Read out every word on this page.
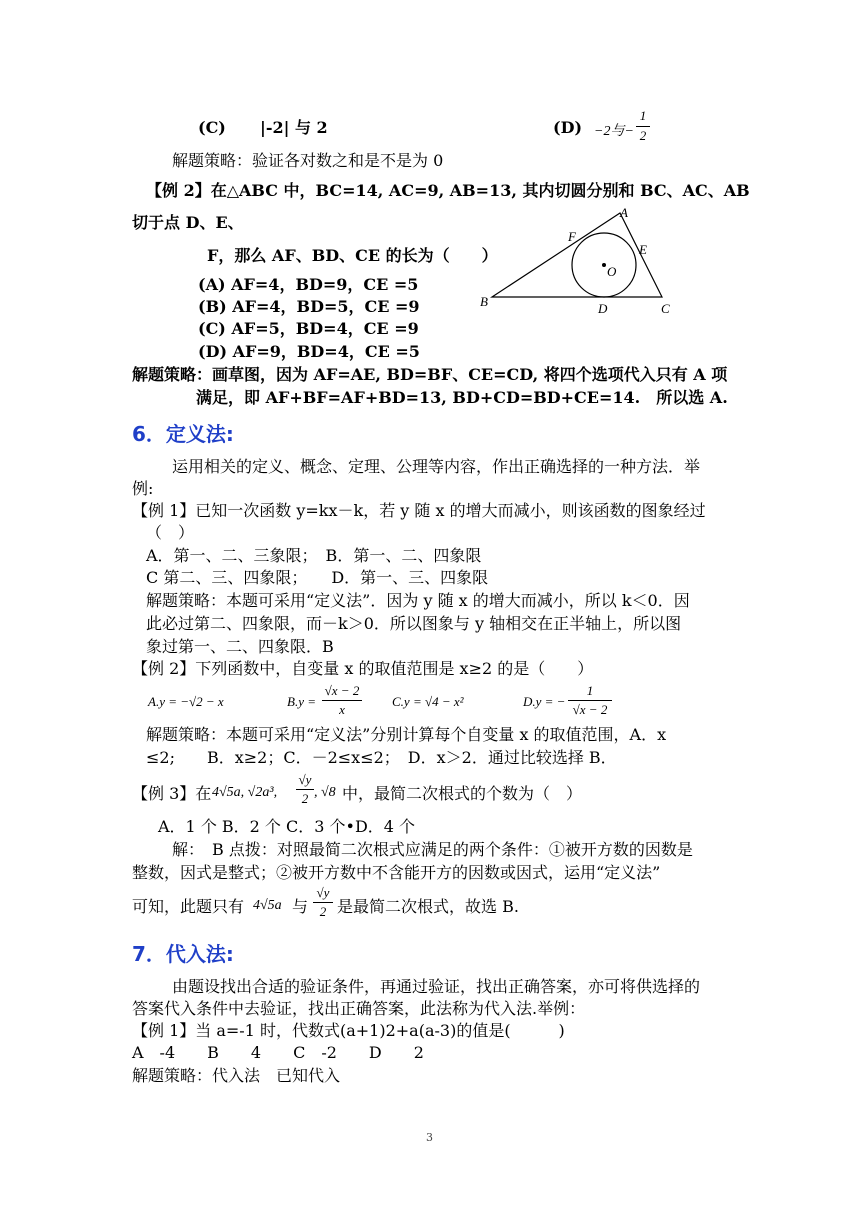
(C) |-2| 与 2	(D) −2与−
1
2
解题策略：验证各对数之和是不是为 0
【例 2】在△ABC 中，BC=14, AC=9, AB=13, 其内切圆分别和 BC、AC、AB
切于点 D、E、
F，那么 AF、BD、CE 的长为（　　）
(A) AF=4，BD=9，CE =5
(B) AF=4，BD=5，CE =9
(C) AF=5，BD=4，CE =9
(D) AF=9，BD=4，CE =5
A
B	C
D
E
F
O
解题策略：画草图，因为 AF=AE, BD=BF、CE=CD, 将四个选项代入只有 A 项
满足，即 AF+BF=AF+BD=13, BD+CD=BD+CE=14.　所以选 A.
6．定义法:
运用相关的定义、概念、定理、公理等内容，作出正确选择的一种方法．举
例:
【例 1】已知一次函数 y=kx－k，若 y 随 x 的增大而减小，则该函数的图象经过
（　）
A．第一、二、三象限；　B．第一、二、四象限
C 第二、三、四象限；　　D．第一、三、四象限
解题策略：本题可采用“定义法”．因为 y 随 x 的增大而减小，所以 k＜0．因
此必过第二、四象限，而－k＞0．所以图象与 y 轴相交在正半轴上，所以图
象过第一、二、四象限．B
【例 2】下列函数中，自变量 x 的取值范围是 x≥2 的是（　　）
A.y = −√2 − x	B.y =
√x − 2
x
C.y = √4 − x²	D.y = −
1
√x − 2
解题策略：本题可采用“定义法”分别计算每个自变量 x 的取值范围，A．x
≤2;　　B．x≥2；C．－2≤x≤2；　D．x＞2．通过比较选择 B．
【例 3】在 4√5a, √2a³,
√y
2 , √8 中，最简二次根式的个数为（　）
A．1 个 B．2 个 C．3 个•D．4 个
解：　B 点拨：对照最简二次根式应满足的两个条件：①被开方数的因数是
整数，因式是整式；②被开方数中不含能开方的因数或因式，运用“定义法”
可知，此题只有 4√5a 与
√y
2 是最简二次根式，故选 B.
7．代入法:
由题设找出合适的验证条件，再通过验证，找出正确答案，亦可将供选择的
答案代入条件中去验证，找出正确答案，此法称为代入法.举例：
【例 1】当 a=-1 时，代数式(a+1)2+a(a-3)的值是(　　　)
A　-4　　B　　4　　C　-2　　D　　2
解题策略：代入法　已知代入
3
